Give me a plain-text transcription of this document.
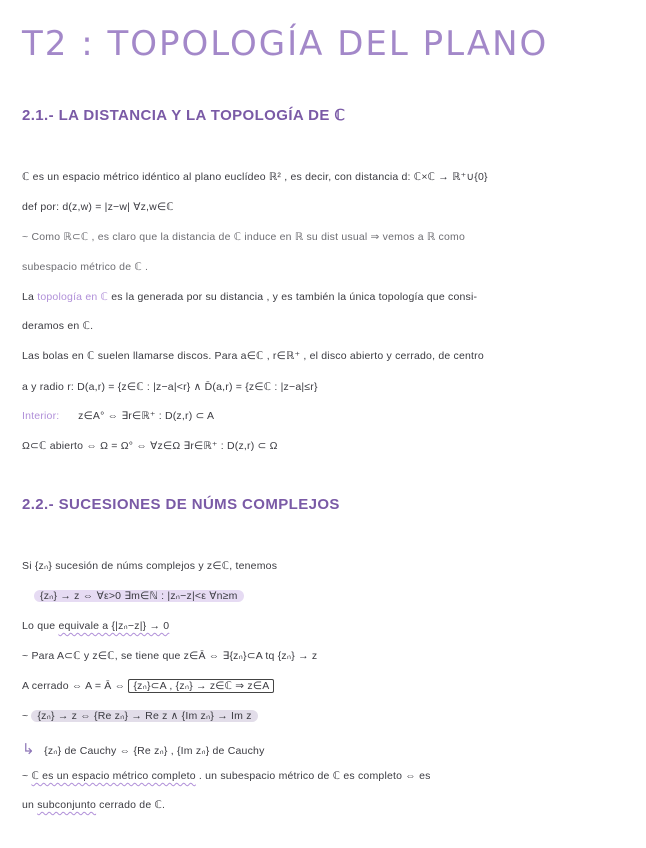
T2 : TOPOLOGÍA DEL PLANO
2.1.- LA DISTANCIA Y LA TOPOLOGÍA DE ℂ
ℂ es un espacio métrico idéntico al plano euclídeo ℝ² , es decir, con distancia d: ℂ×ℂ → ℝ⁺∪{0}
def por: d(z,w) = |z−w| ∀z,w∈ℂ
~ Como ℝ⊂ℂ , es claro que la distancia de ℂ induce en ℝ su dist usual ⇒ vemos a ℝ como
subespacio métrico de ℂ .
La topología en ℂ es la generada por su distancia , y es también la única topología que consi-
deramos en ℂ.
Las bolas en ℂ suelen llamarse discos. Para a∈ℂ , r∈ℝ⁺ , el disco abierto y cerrado, de centro
a y radio r: D(a,r) = {z∈ℂ : |z−a|<r} ∧ D̄(a,r) = {z∈ℂ : |z−a|≤r}
Interior: z∈A° ⇔ ∃r∈ℝ⁺ : D(z,r) ⊂ A
Ω⊂ℂ abierto ⇔ Ω = Ω° ⇔ ∀z∈Ω ∃r∈ℝ⁺ : D(z,r) ⊂ Ω
2.2.- SUCESIONES DE NÚMS COMPLEJOS
Si {zₙ} sucesión de núms complejos y z∈ℂ, tenemos
{zₙ} → z ⇔ ∀ε>0 ∃m∈ℕ : |zₙ−z|<ε ∀n≥m
Lo que equivale a {|zₙ−z|} → 0
~ Para A⊂ℂ y z∈ℂ, se tiene que z∈Ā ⇔ ∃{zₙ}⊂A tq {zₙ} → z
A cerrado ⇔ A = Ā ⇔ {zₙ}⊂A , {zₙ} → z∈ℂ ⇒ z∈A
~ {zₙ} → z ⇔ {Re zₙ} → Re z ∧ {Im zₙ} → Im z
↳ {zₙ} de Cauchy ⇔ {Re zₙ} , {Im zₙ} de Cauchy
~ ℂ es un espacio métrico completo . un subespacio métrico de ℂ es completo ⇔ es
un subconjunto cerrado de ℂ.
